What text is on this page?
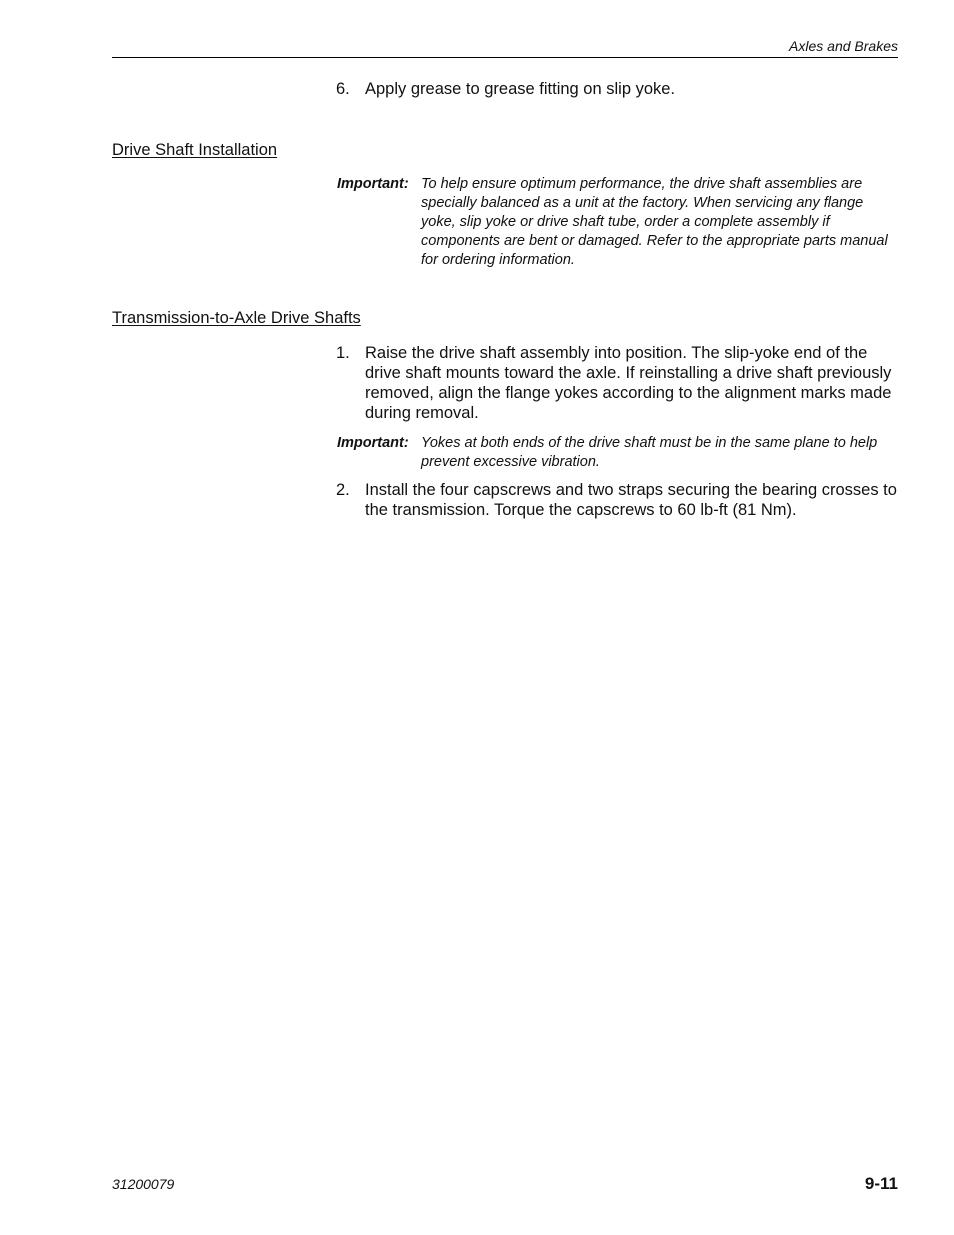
Axles and Brakes
6. Apply grease to grease fitting on slip yoke.
Drive Shaft Installation
Important: To help ensure optimum performance, the drive shaft assemblies are specially balanced as a unit at the factory. When servicing any flange yoke, slip yoke or drive shaft tube, order a complete assembly if components are bent or damaged. Refer to the appropriate parts manual for ordering information.
Transmission-to-Axle Drive Shafts
1. Raise the drive shaft assembly into position. The slip-yoke end of the drive shaft mounts toward the axle. If reinstalling a drive shaft previously removed, align the flange yokes according to the alignment marks made during removal.
Important: Yokes at both ends of the drive shaft must be in the same plane to help prevent excessive vibration.
2. Install the four capscrews and two straps securing the bearing crosses to the transmission. Torque the capscrews to 60 lb-ft (81 Nm).
31200079	9-11
